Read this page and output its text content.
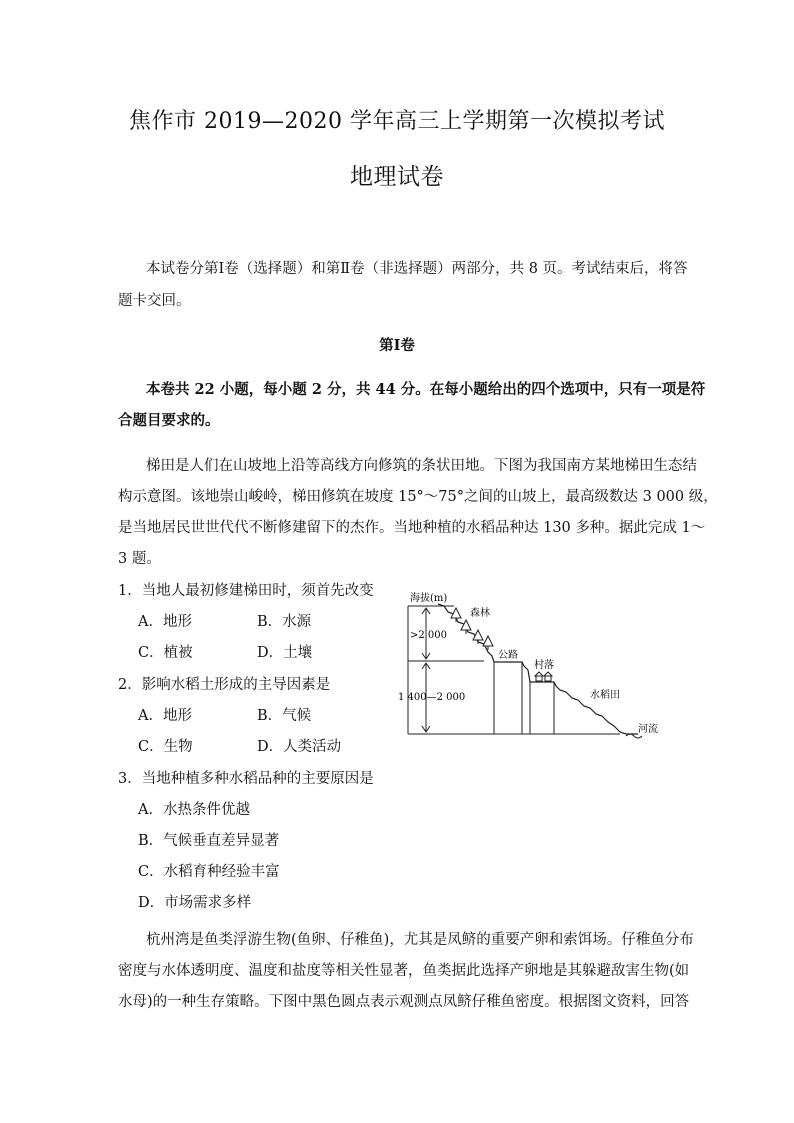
焦作市 2019—2020 学年高三上学期第一次模拟考试
地理试卷
本试卷分第Ⅰ卷（选择题）和第Ⅱ卷（非选择题）两部分，共 8 页。考试结束后，将答
题卡交回。
第Ⅰ卷
本卷共 22 小题，每小题 2 分，共 44 分。在每小题给出的四个选项中，只有一项是符
合题目要求的。
梯田是人们在山坡地上沿等高线方向修筑的条状田地。下图为我国南方某地梯田生态结
构示意图。该地崇山峻岭，梯田修筑在坡度 15°～75°之间的山坡上，最高级数达 3 000 级，
是当地居民世世代代不断修建留下的杰作。当地种植的水稻品种达 130 多种。据此完成 1～
3 题。
1．当地人最初修建梯田时，须首先改变
A．地形	B．水源
C．植被	D．土壤
2．影响水稻土形成的主导因素是
A．地形	B．气候
C．生物	D．人类活动
3．当地种植多种水稻品种的主要原因是
A．水热条件优越
B．气候垂直差异显著
C．水稻育种经验丰富
D．市场需求多样
海拔(m)
森林
>2 000
1 400—2 000
公路
村落
水稻田
河流
杭州湾是鱼类浮游生物(鱼卵、仔稚鱼)，尤其是凤鲚的重要产卵和索饵场。仔稚鱼分布
密度与水体透明度、温度和盐度等相关性显著，鱼类据此选择产卵地是其躲避敌害生物(如
水母)的一种生存策略。下图中黑色圆点表示观测点凤鲚仔稚鱼密度。根据图文资料，回答
